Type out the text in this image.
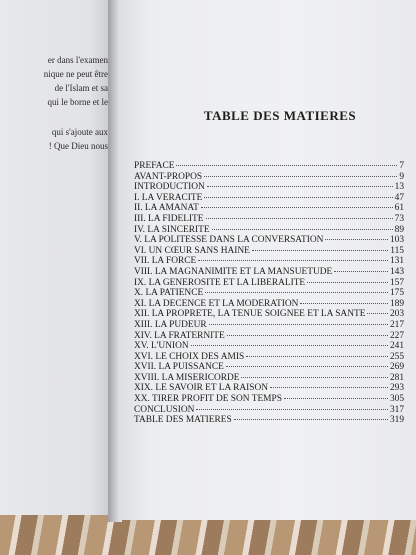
er dans l'examen
nique ne peut être
de l'Islam et sa
qui le borne et le
qui s'ajoute aux
! Que Dieu nous
TABLE DES MATIERES
PREFACE	7
AVANT-PROPOS	9
INTRODUCTION	13
I. LA VERACITE	47
II. LA AMANAT	61
III. LA FIDELITE	73
IV. LA SINCERITE	89
V. LA POLITESSE DANS LA CONVERSATION	103
VI. UN CŒUR SANS HAINE	115
VII. LA FORCE	131
VIII. LA MAGNANIMITE ET LA MANSUETUDE	143
IX. LA GENEROSITE ET LA LIBERALITE	157
X. LA PATIENCE	175
XI. LA DECENCE ET LA MODERATION	189
XII. LA PROPRETE, LA TENUE SOIGNEE ET LA SANTE	203
XIII. LA PUDEUR	217
XIV. LA FRATERNITE	227
XV. L'UNION	241
XVI. LE CHOIX DES AMIS	255
XVII. LA PUISSANCE	269
XVIII. LA MISERICORDE	281
XIX. LE SAVOIR ET LA RAISON	293
XX. TIRER PROFIT DE SON TEMPS	305
CONCLUSION	317
TABLE DES MATIERES	319
